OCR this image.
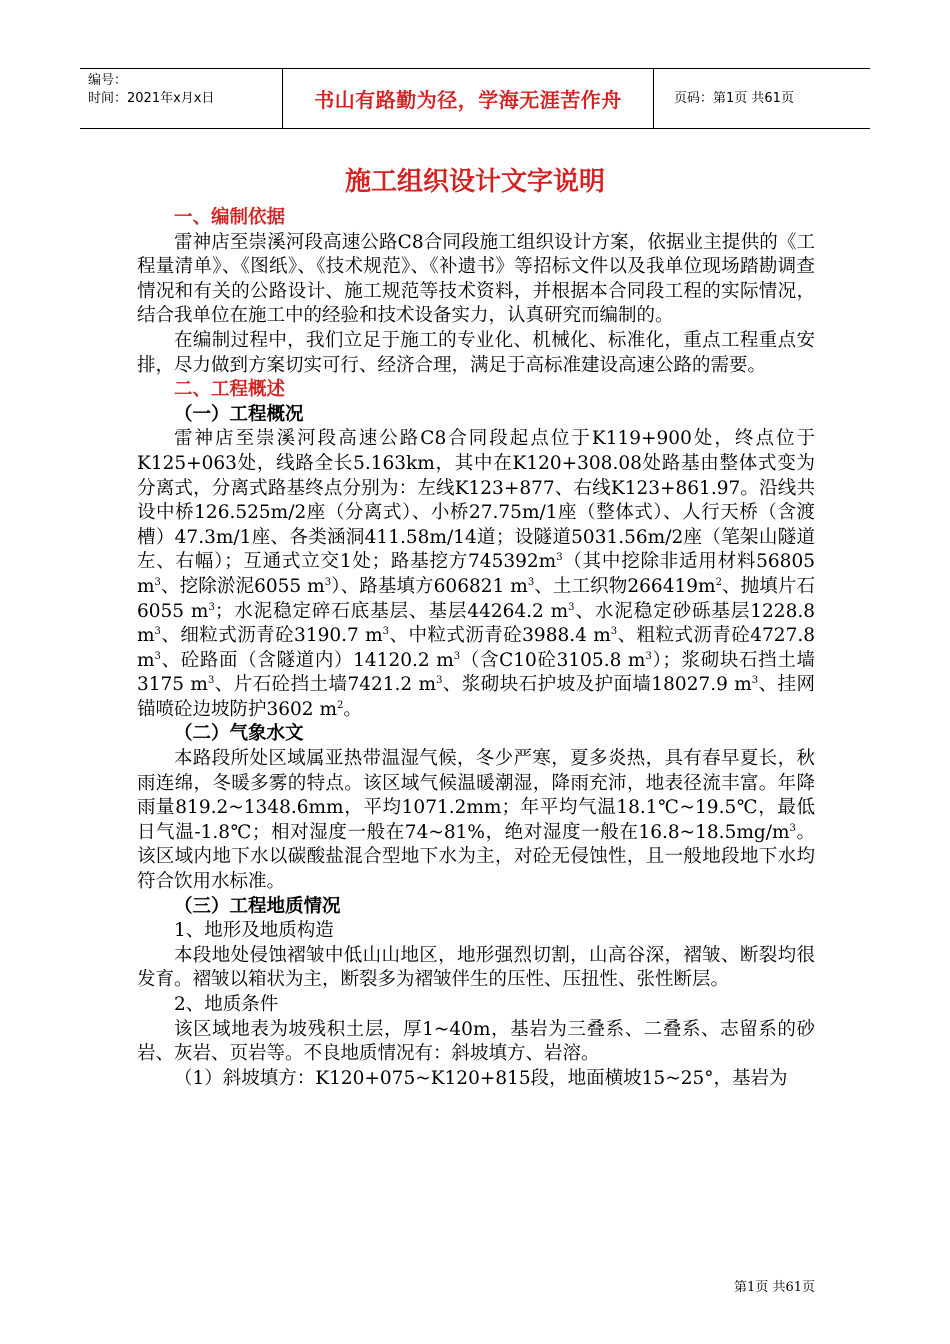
编号：
时间：2021年x月x日	书山有路勤为径，学海无涯苦作舟	页码：第1页 共61页
施工组织设计文字说明

一、编制依据

雷神店至崇溪河段高速公路C8合同段施工组织设计方案，依据业主提供的《工程量清单》、《图纸》、《技术规范》、《补遗书》等招标文件以及我单位现场踏勘调查情况和有关的公路设计、施工规范等技术资料，并根据本合同段工程的实际情况，结合我单位在施工中的经验和技术设备实力，认真研究而编制的。

在编制过程中，我们立足于施工的专业化、机械化、标准化，重点工程重点安排，尽力做到方案切实可行、经济合理，满足于高标准建设高速公路的需要。

二、工程概述

（一）工程概况

雷神店至崇溪河段高速公路C8合同段起点位于K119+900处，终点位于K125+063处，线路全长5.163km，其中在K120+308.08处路基由整体式变为分离式，分离式路基终点分别为：左线K123+877、右线K123+861.97。沿线共设中桥126.525m/2座（分离式）、小桥27.75m/1座（整体式）、人行天桥（含渡槽）47.3m/1座、各类涵洞411.58m/14道；设隧道5031.56m/2座（笔架山隧道左、右幅）；互通式立交1处；路基挖方$745392m^3$（其中挖除非适用材料56805 $m^3$、挖除淤泥6055 $m^3$）、路基填方606821 $m^3$、土工织物$266419m^2$、抛填片石6055 $m^3$；水泥稳定碎石底基层、基层44264.2 $m^3$、水泥稳定砂砾基层1228.8 $m^3$、细粒式沥青砼3190.7 $m^3$、中粒式沥青砼3988.4 $m^3$、粗粒式沥青砼4727.8 $m^3$、砼路面（含隧道内）14120.2 $m^3$（含C10砼3105.8 $m^3$）；浆砌块石挡土墙3175 $m^3$、片石砼挡土墙7421.2 $m^3$、浆砌块石护坡及护面墙18027.9 $m^3$、挂网锚喷砼边坡防护3602 $m^2$。

（二）气象水文

本路段所处区域属亚热带温湿气候，冬少严寒，夏多炎热，具有春早夏长，秋雨连绵，冬暖多雾的特点。该区域气候温暖潮湿，降雨充沛，地表径流丰富。年降雨量819.2~1348.6mm，平均1071.2mm；年平均气温18.1℃~19.5℃，最低日气温-1.8℃；相对湿度一般在74~81%，绝对湿度一般在$16.8\sim 18.5mg/m^3$。该区域内地下水以碳酸盐混合型地下水为主，对砼无侵蚀性，且一般地段地下水均符合饮用水标准。

（三）工程地质情况

1、地形及地质构造

本段地处侵蚀褶皱中低山山地区，地形强烈切割，山高谷深，褶皱、断裂均很发育。褶皱以箱状为主，断裂多为褶皱伴生的压性、压扭性、张性断层。

2、地质条件

该区域地表为坡残积土层，厚1~40m，基岩为三叠系、二叠系、志留系的砂岩、灰岩、页岩等。不良地质情况有：斜坡填方、岩溶。

（1）斜坡填方：K120+075~K120+815段，地面横坡15~25°，基岩为

第1页 共61页
